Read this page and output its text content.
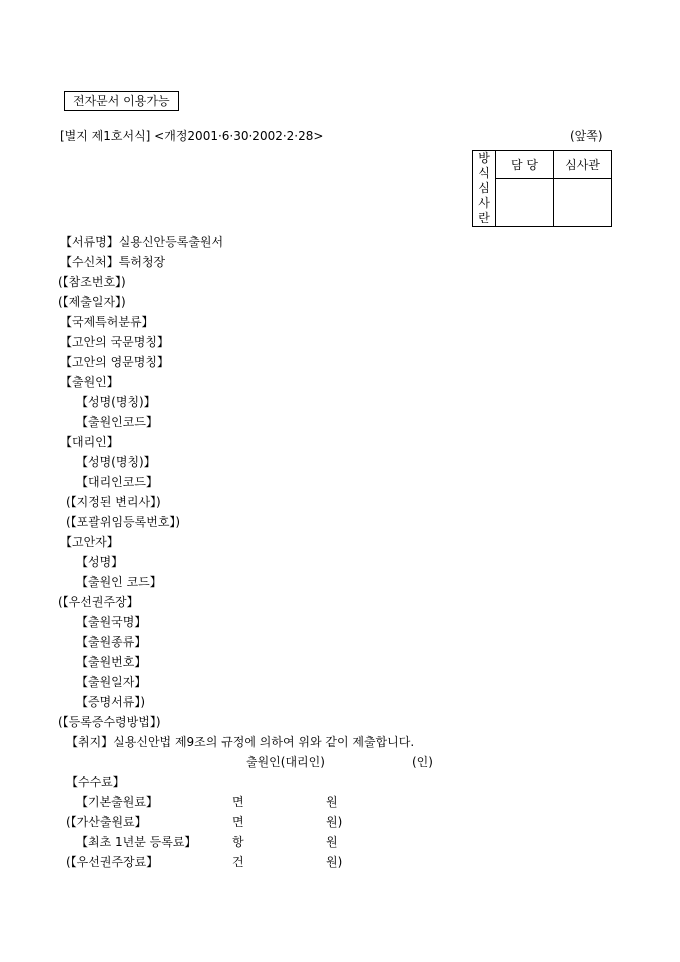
전자문서 이용가능
[별지 제1호서식] <개정2001·6·30·2002·2·28>	(앞쪽)
방
식
심
사
란	담 당	심사관

【서류명】실용신안등록출원서
【수신처】특허청장
(【참조번호】)
(【제출일자】)
【국제특허분류】
【고안의 국문명칭】
【고안의 영문명칭】
【출원인】
【성명(명칭)】
【출원인코드】
【대리인】
【성명(명칭)】
【대리인코드】
(【지정된 변리사】)
(【포괄위임등록번호】)
【고안자】
【성명】
【출원인 코드】
(【우선권주장】
【출원국명】
【출원종류】
【출원번호】
【출원일자】
【증명서류】)
(【등록증수령방법】)
【취지】실용신안법 제9조의 규정에 의하여 위와 같이 제출합니다.
출원인(대리인)	(인)
【수수료】
【기본출원료】	면	원
(【가산출원료】	면	원)
【최초 1년분 등록료】	항	원
(【우선권주장료】	건	원)
